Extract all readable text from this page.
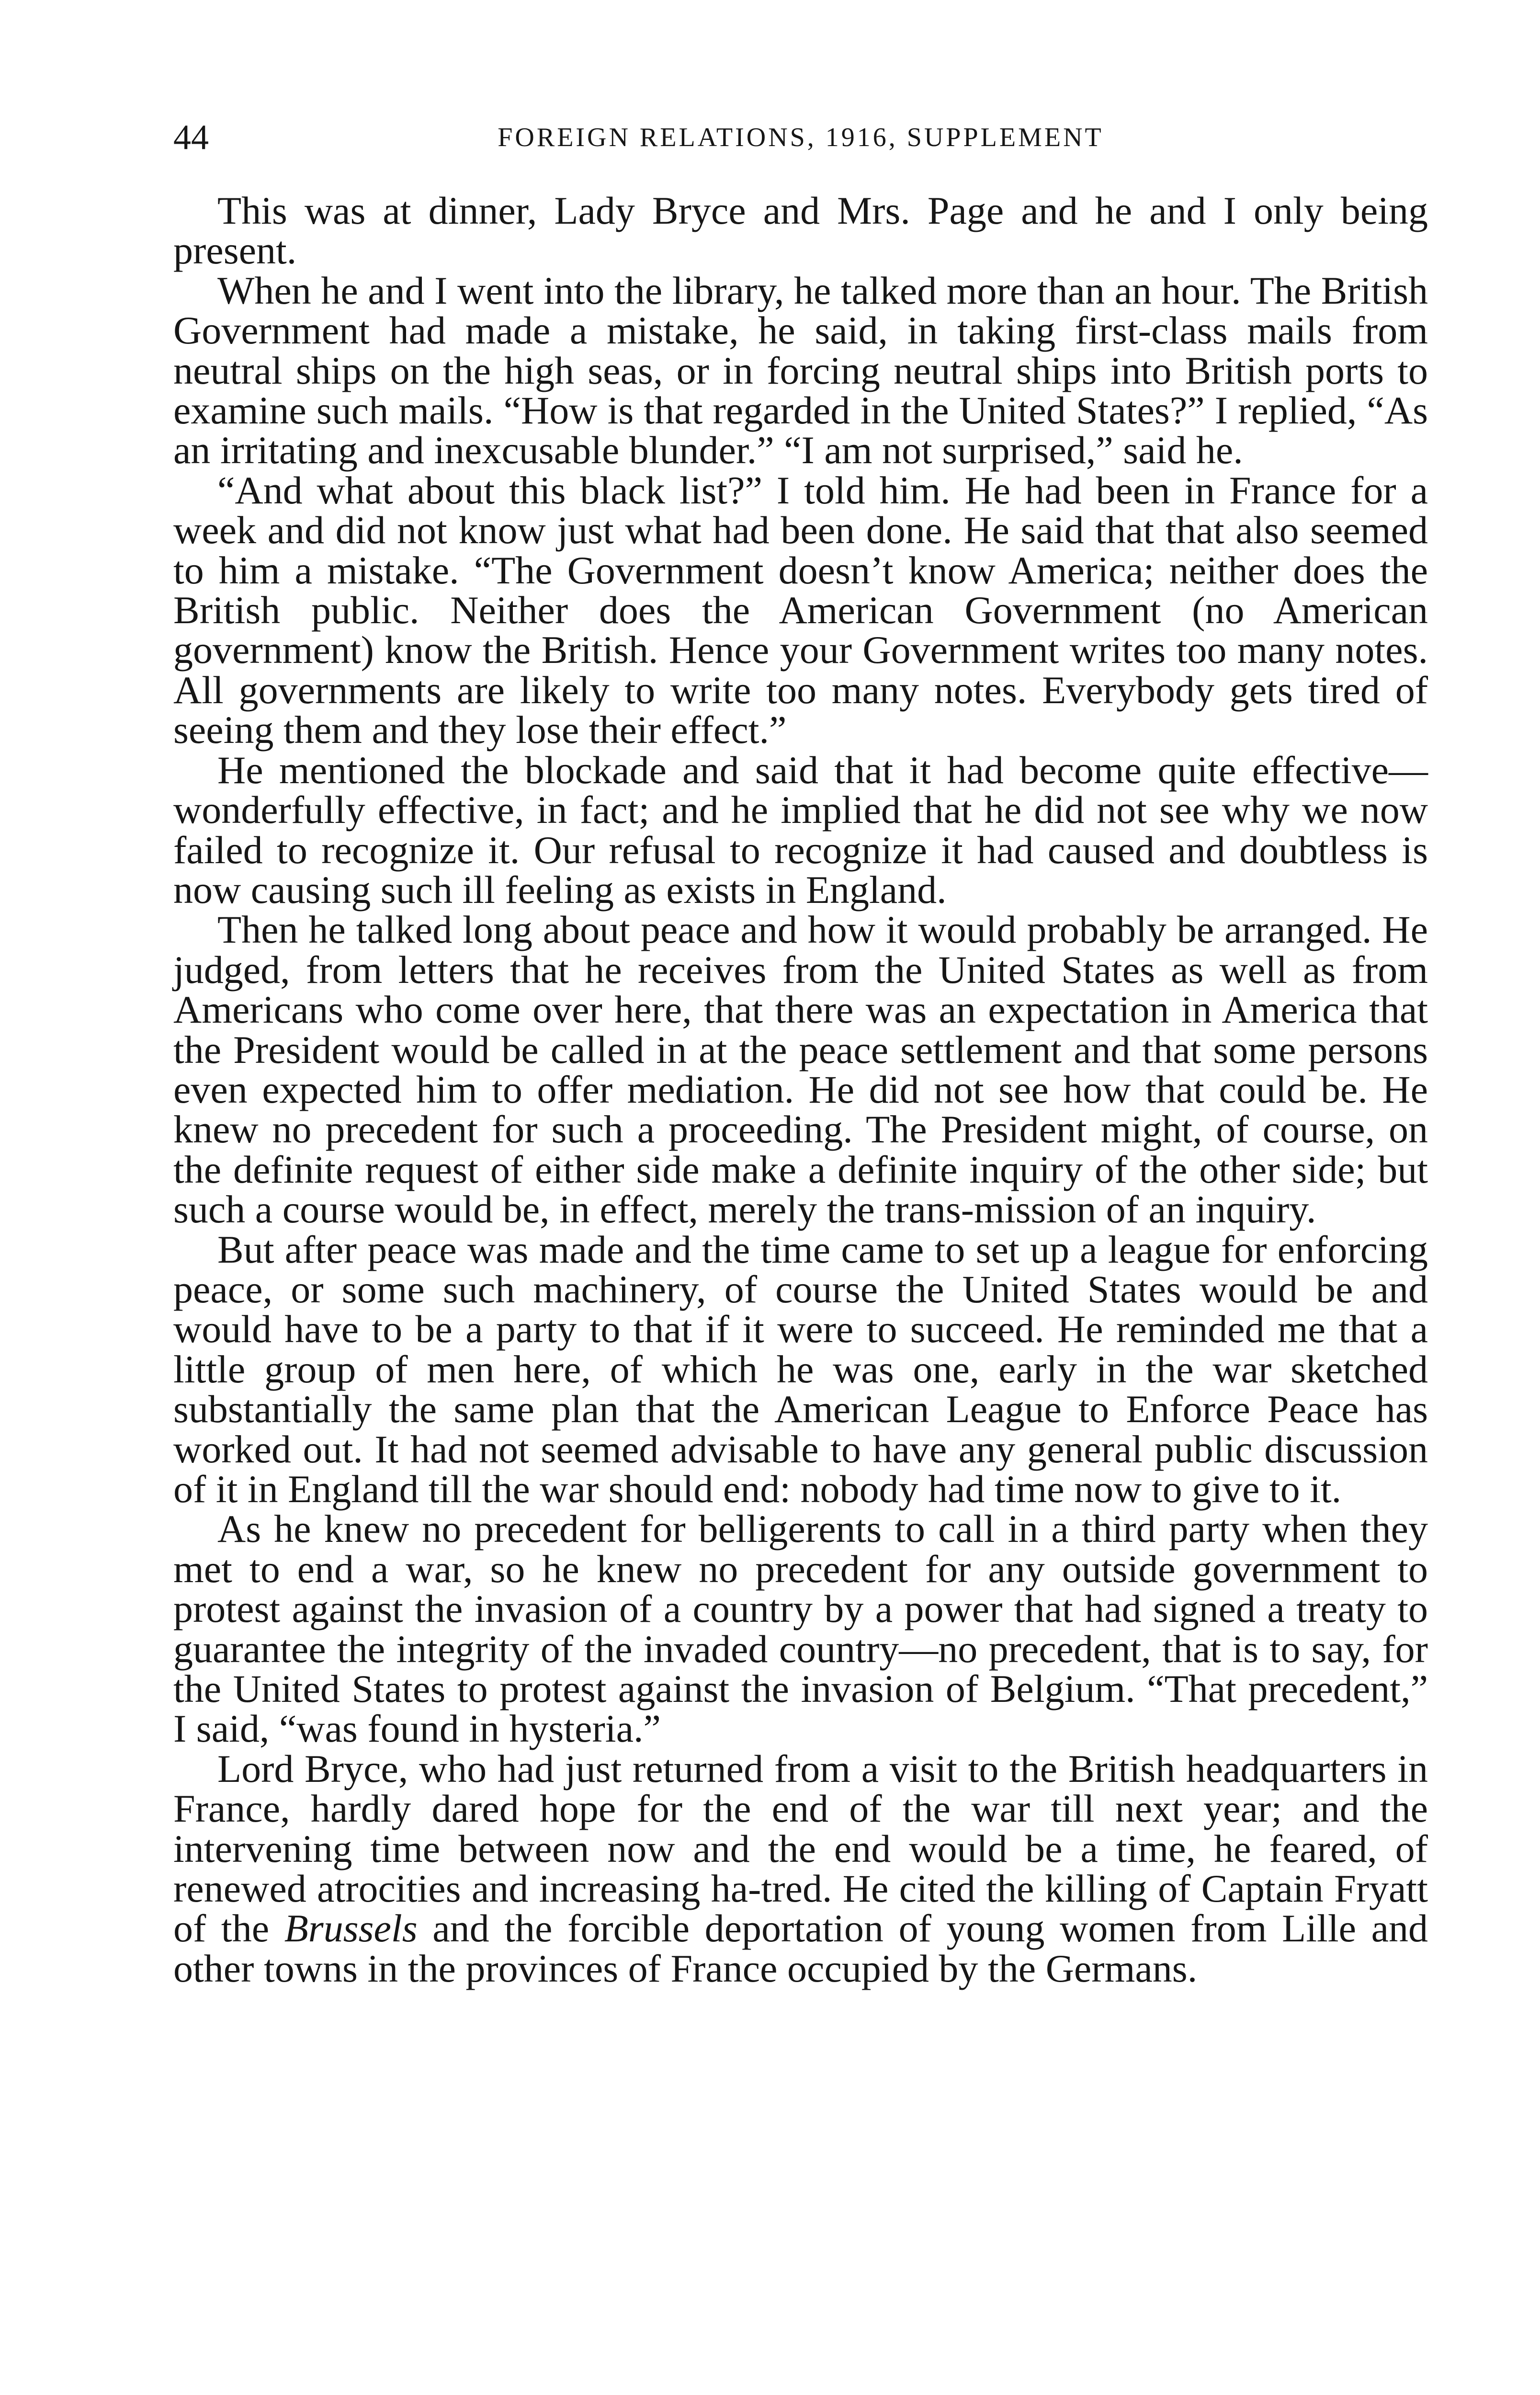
44	FOREIGN RELATIONS, 1916, SUPPLEMENT

This was at dinner, Lady Bryce and Mrs. Page and he and I only being present.

When he and I went into the library, he talked more than an hour. The British Government had made a mistake, he said, in taking first-class mails from neutral ships on the high seas, or in forcing neutral ships into British ports to examine such mails. “How is that regarded in the United States?” I replied, “As an irritating and inexcusable blunder.” “I am not surprised,” said he.

“And what about this black list?” I told him. He had been in France for a week and did not know just what had been done. He said that that also seemed to him a mistake. “The Government doesn’t know America; neither does the British public. Neither does the American Government (no American government) know the British. Hence your Government writes too many notes. All governments are likely to write too many notes. Everybody gets tired of seeing them and they lose their effect.”

He mentioned the blockade and said that it had become quite effective—wonderfully effective, in fact; and he implied that he did not see why we now failed to recognize it. Our refusal to recognize it had caused and doubtless is now causing such ill feeling as exists in England.

Then he talked long about peace and how it would probably be arranged. He judged, from letters that he receives from the United States as well as from Americans who come over here, that there was an expectation in America that the President would be called in at the peace settlement and that some persons even expected him to offer mediation. He did not see how that could be. He knew no precedent for such a proceeding. The President might, of course, on the definite request of either side make a definite inquiry of the other side; but such a course would be, in effect, merely the trans-mission of an inquiry.

But after peace was made and the time came to set up a league for enforcing peace, or some such machinery, of course the United States would be and would have to be a party to that if it were to succeed. He reminded me that a little group of men here, of which he was one, early in the war sketched substantially the same plan that the American League to Enforce Peace has worked out. It had not seemed advisable to have any general public discussion of it in England till the war should end: nobody had time now to give to it.

As he knew no precedent for belligerents to call in a third party when they met to end a war, so he knew no precedent for any outside government to protest against the invasion of a country by a power that had signed a treaty to guarantee the integrity of the invaded country—no precedent, that is to say, for the United States to protest against the invasion of Belgium. “That precedent,” I said, “was found in hysteria.”

Lord Bryce, who had just returned from a visit to the British headquarters in France, hardly dared hope for the end of the war till next year; and the intervening time between now and the end would be a time, he feared, of renewed atrocities and increasing ha-tred. He cited the killing of Captain Fryatt of the Brussels and the forcible deportation of young women from Lille and other towns in the provinces of France occupied by the Germans.
